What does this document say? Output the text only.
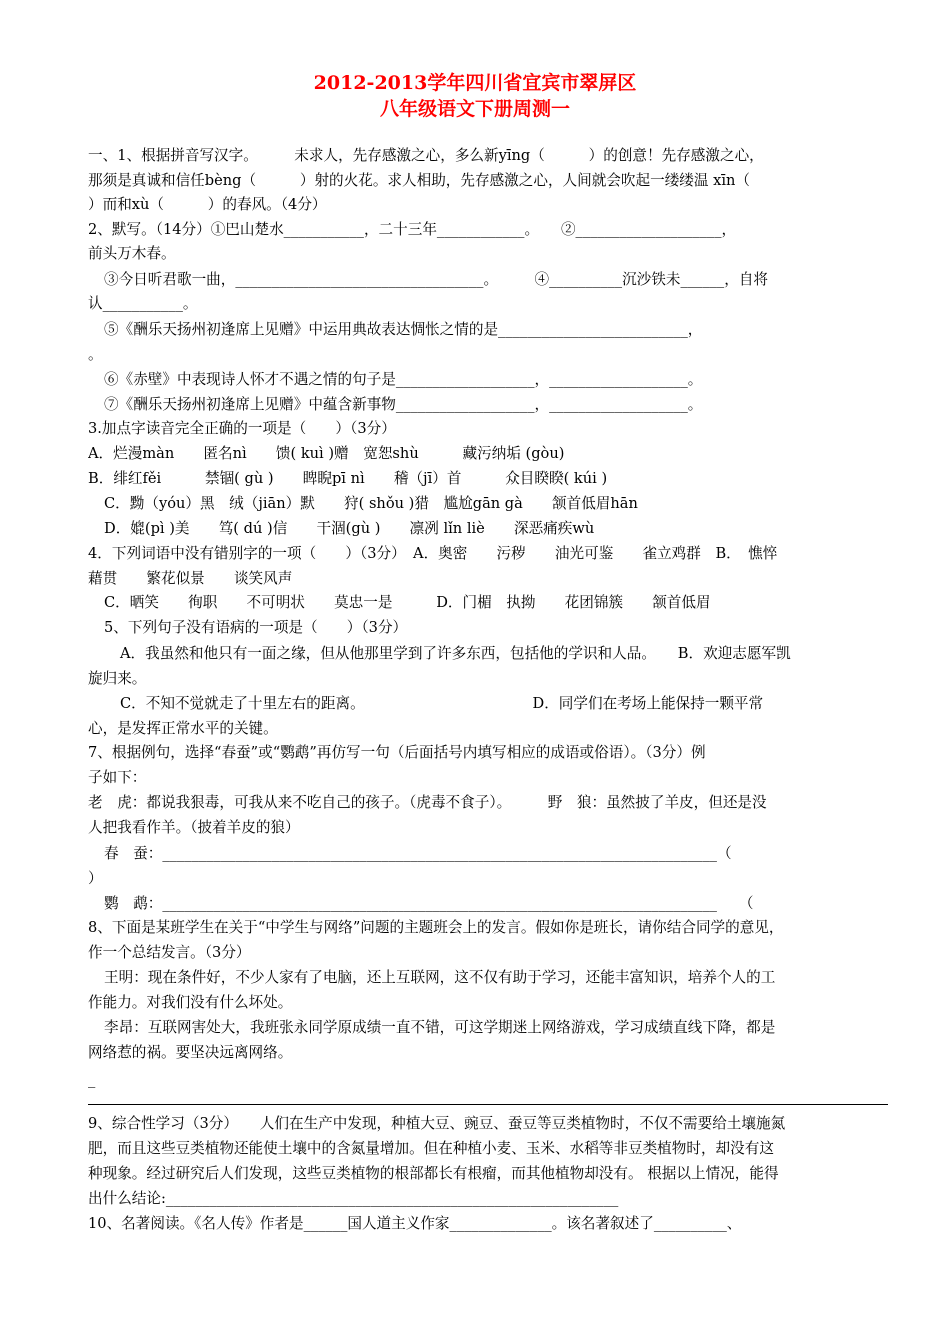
2012-2013学年四川省宜宾市翠屏区
八年级语文下册周测一
一、1、根据拼音写汉字。　　　未求人，先存感激之心，多么新yīng（　　　）的创意！先存感激之心，
那须是真诚和信任bèng（　　　）射的火花。求人相助，先存感激之心，人间就会吹起一缕缕温 xīn（
）而和xù（　　　）的春风。（4分）
2、默写。（14分）①巴山楚水___________，二十三年____________。　　②____________________，
前头万木春。
③今日听君歌一曲，__________________________________。　　　④__________沉沙铁未______，自将
认___________。
⑤《酬乐天扬州初逢席上见赠》中运用典故表达惆怅之情的是__________________________，
。
⑥《赤壁》中表现诗人怀才不遇之情的句子是___________________，___________________。
⑦《酬乐天扬州初逢席上见赠》中蕴含新事物___________________，___________________。
3.加点字读音完全正确的一项是（　　）（3分）
A．烂漫màn　　匿名nì　　馈( kuì )赠　宽恕shù　　　藏污纳垢 (gòu)
B．绯红fěi　　　禁锢( gù )　　睥睨pī nì　　稽（jī）首　　　众目睽睽( kúi )
C．黝（yóu）黑　绒（jiān）默　　狩( shǒu )猎　尴尬gān gà　　颔首低眉hān
D．媲(pì )美　　笃( dú )信　　干涸(gù )　　凛冽 lǐn liè　　深恶痛疾wù
4．下列词语中没有错别字的一项（　　）（3分）　A．奥密　　污秽　　油光可鉴　　雀立鸡群　B．　憔悴
藉贯　　繁花似景　　谈笑风声
C．晒笑　　徇职　　不可明状　　莫忠一是　　　D．门楣　执拗　　花团锦簇　　颔首低眉
5、下列句子没有语病的一项是（　　）（3分）
A．我虽然和他只有一面之缘，但从他那里学到了许多东西，包括他的学识和人品。　　B．欢迎志愿军凯
旋归来。
C．不知不觉就走了十里左右的距离。　　　　　　　　　　　　D．同学们在考场上能保持一颗平常
心，是发挥正常水平的关键。
7、根据例句，选择“春蚕”或“鹦鹉”再仿写一句（后面括号内填写相应的成语或俗语）。（3分）例
子如下：
老　虎：都说我狠毒，可我从来不吃自己的孩子。（虎毒不食子）。　　　野　狼：虽然披了羊皮，但还是没
人把我看作羊。（披着羊皮的狼）
春　蚕：____________________________________________________________________________（
）
鹦　鹉：____________________________________________________________________________　　（
8、下面是某班学生在关于“中学生与网络”问题的主题班会上的发言。假如你是班长，请你结合同学的意见，
作一个总结发言。（3分）
王明：现在条件好，不少人家有了电脑，还上互联网，这不仅有助于学习，还能丰富知识，培养个人的工
作能力。对我们没有什么坏处。
李昂：互联网害处大，我班张永同学原成绩一直不错，可这学期迷上网络游戏，学习成绩直线下降，都是
网络惹的祸。要坚决远离网络。
_
9、综合性学习（3分）　　人们在生产中发现，种植大豆、豌豆、蚕豆等豆类植物时，不仅不需要给土壤施氮
肥，而且这些豆类植物还能使土壤中的含氮量增加。但在种植小麦、玉米、水稻等非豆类植物时，却没有这
种现象。经过研究后人们发现，这些豆类植物的根部都长有根瘤，而其他植物却没有。 根据以上情况，能得
出什么结论:______________________________________________________________
10、名著阅读。《名人传》作者是______国人道主义作家______________。该名著叙述了__________、
